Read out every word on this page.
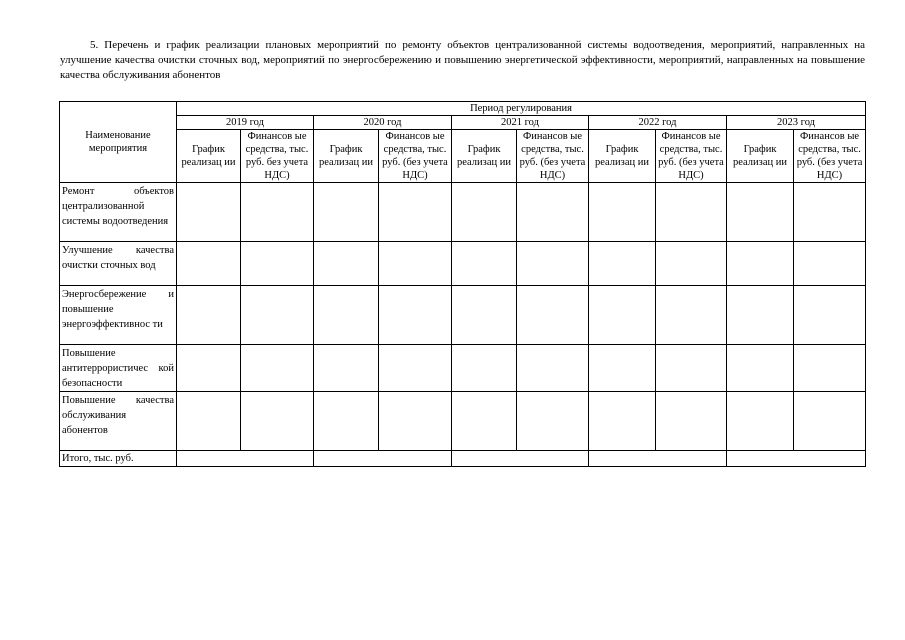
5. Перечень и график реализации плановых мероприятий по ремонту объектов централизованной системы водоотведения, мероприятий, направленных на улучшение качества очистки сточных вод, мероприятий по энергосбережению и повышению энергетической эффективности, мероприятий, направленных на повышение качества обслуживания абонентов
Наименование мероприятия	Период регулирования									
	2019 год		2020 год		2021 год		2022 год		2023 год	
	График реализац ии	Финансов ые средства, тыс. руб. без учета НДС)	График реализац ии	Финансов ые средства, тыс. руб. (без учета НДС)	График реализац ии	Финансов ые средства, тыс. руб. (без учета НДС)	График реализац ии	Финансов ые средства, тыс. руб. (без учета НДС)	График реализац ии	Финансов ые средства, тыс. руб. (без учета НДС)
Ремонт объектов централизованной системы водоотведения										
Улучшение качества очистки сточных вод										
Энергосбережение и повышение энергоэффективнос ти										
Повышение антитеррористичес кой безопасности										
Повышение качества обслуживания абонентов										
Итого, тыс. руб.										
